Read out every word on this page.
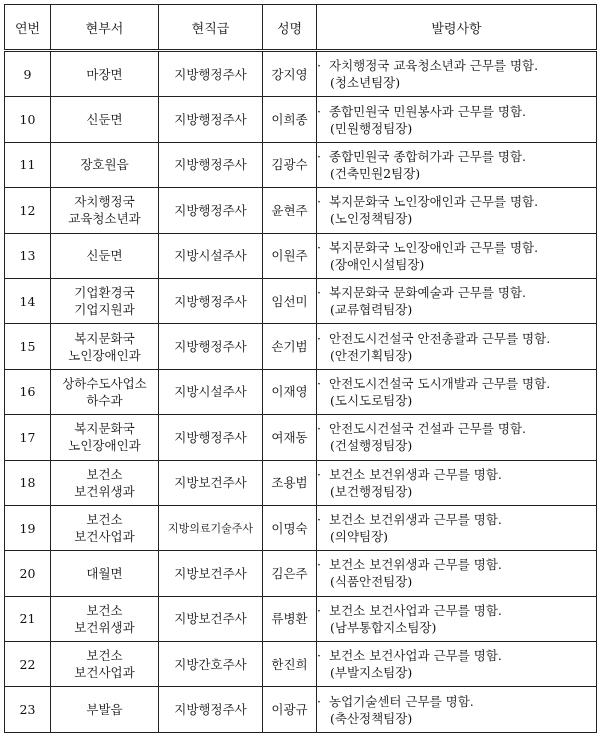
연번	현부서	현직급	성명	발령사항
9	마장면	지방행정주사	강지영	· 자치행정국 교육청소년과 근무를 명함.
(청소년팀장)

10	신둔면	지방행정주사	이희종	· 종합민원국 민원봉사과 근무를 명함.
(민원행정팀장)

11	장호원읍	지방행정주사	김광수	· 종합민원국 종합허가과 근무를 명함.
(건축민원2팀장)

12	자치행정국
교육청소년과	지방행정주사	윤현주	· 복지문화국 노인장애인과 근무를 명함.
(노인정책팀장)

13	신둔면	지방시설주사	이원주	· 복지문화국 노인장애인과 근무를 명함.
(장애인시설팀장)

14	기업환경국
기업지원과	지방행정주사	임선미	· 복지문화국 문화예술과 근무를 명함.
(교류협력팀장)

15	복지문화국
노인장애인과	지방행정주사	손기범	· 안전도시건설국 안전총괄과 근무를 명함.
(안전기획팀장)

16	상하수도사업소
하수과	지방시설주사	이재영	· 안전도시건설국 도시개발과 근무를 명함.
(도시도로팀장)

17	복지문화국
노인장애인과	지방행정주사	여재동	· 안전도시건설국 건설과 근무를 명함.
(건설행정팀장)

18	보건소
보건위생과	지방보건주사	조용범	· 보건소 보건위생과 근무를 명함.
(보건행정팀장)

19	보건소
보건사업과	지방의료기술주사	이명숙	· 보건소 보건위생과 근무를 명함.
(의약팀장)

20	대월면	지방보건주사	김은주	· 보건소 보건위생과 근무를 명함.
(식품안전팀장)

21	보건소
보건위생과	지방보건주사	류병환	· 보건소 보건사업과 근무를 명함.
(남부통합지소팀장)

22	보건소
보건사업과	지방간호주사	한진희	· 보건소 보건사업과 근무를 명함.
(부발지소팀장)

23	부발읍	지방행정주사	이광규	· 농업기술센터 근무를 명함.
(축산정책팀장)
